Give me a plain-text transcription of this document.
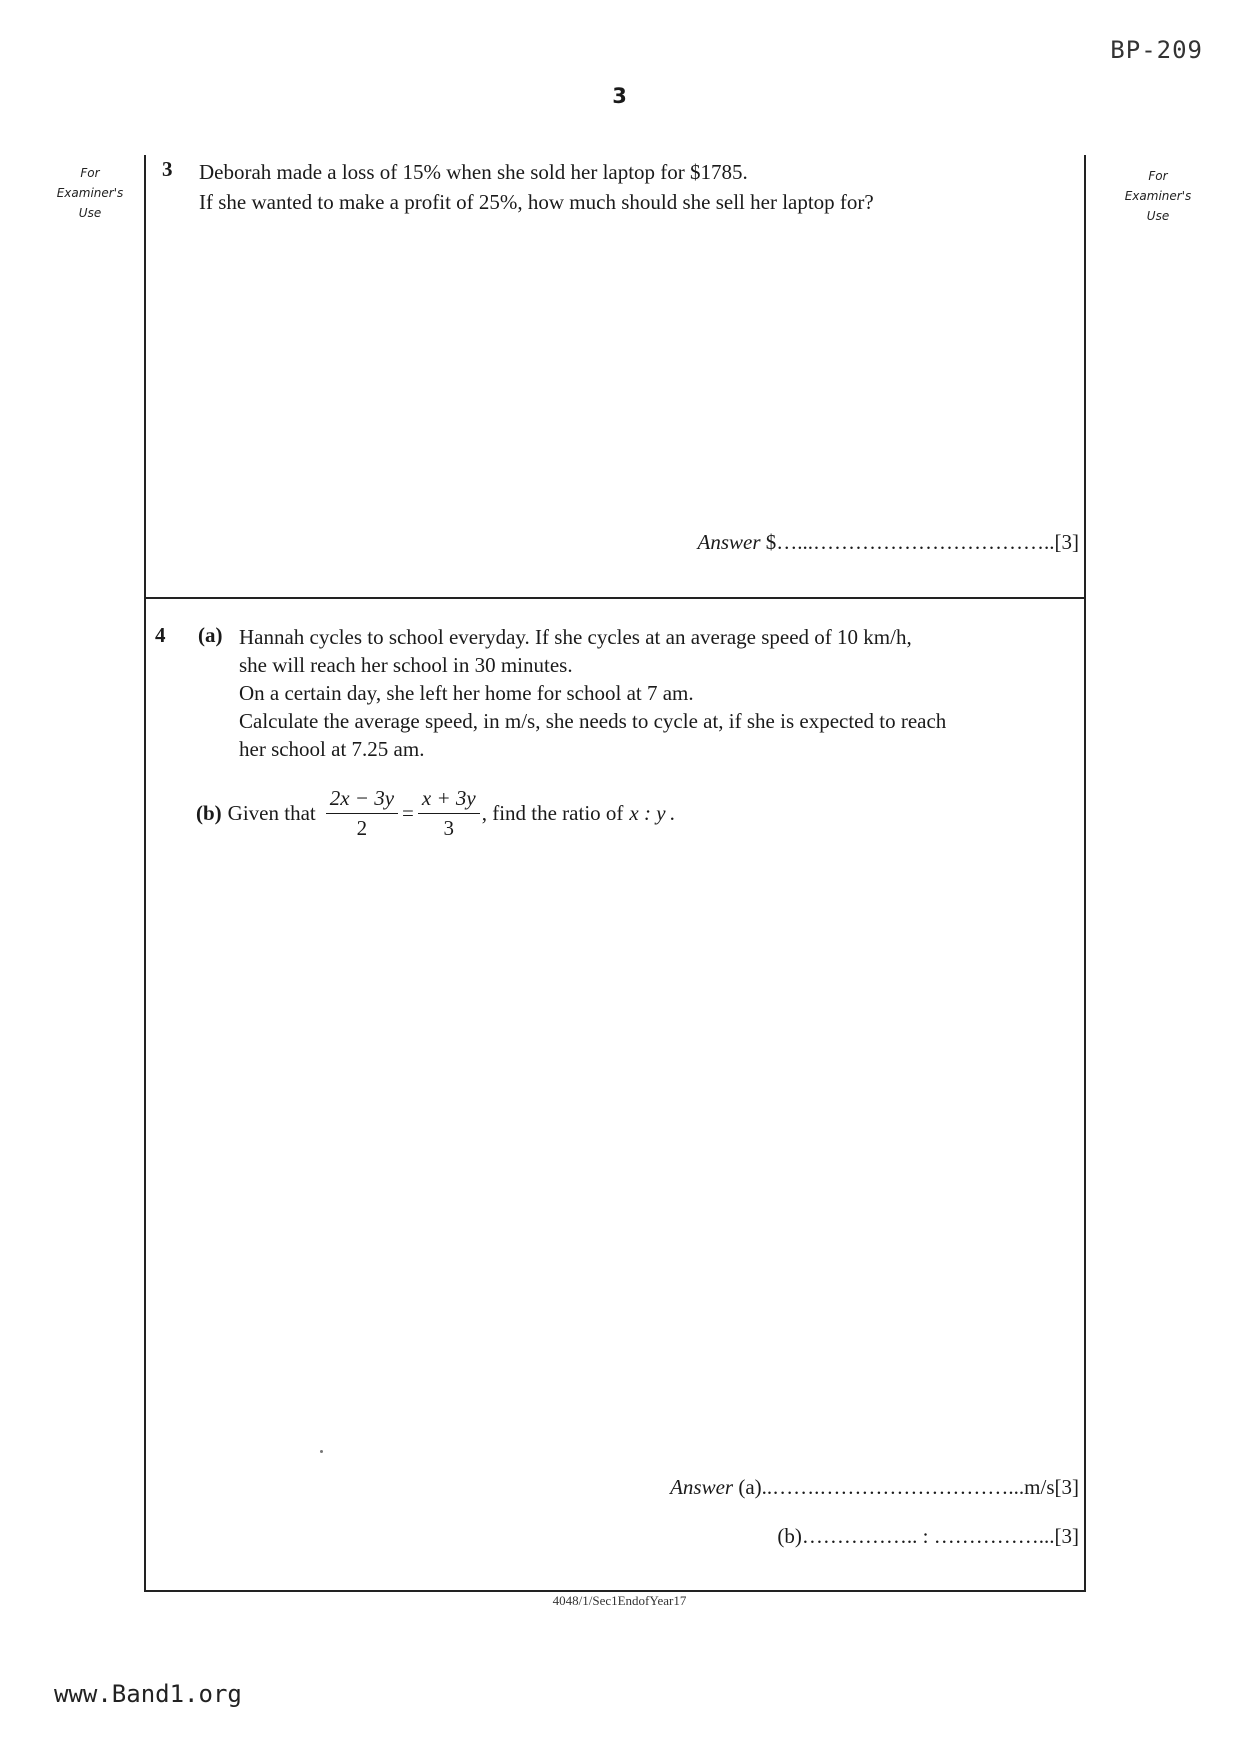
BP-209
3
For
Examiner's
Use
For
Examiner's
Use
3 Deborah made a loss of 15% when she sold her laptop for $1785.
If she wanted to make a profit of 25%, how much should she sell her laptop for?
Answer $…...……………………………..[3]
4 (a) Hannah cycles to school everyday. If she cycles at an average speed of 10 km/h,
she will reach her school in 30 minutes.
On a certain day, she left her home for school at 7 am.
Calculate the average speed, in m/s, she needs to cycle at, if she is expected to reach
her school at 7.25 am.
(b) Given that $\frac{2x - 3y}{2} = \frac{x + 3y}{3}$ , find the ratio of x : y .
Answer (a)..…….………………………...m/s[3]
(b)…………….. : ……………...[3]
4048/1/Sec1EndofYear17
www.Band1.org
